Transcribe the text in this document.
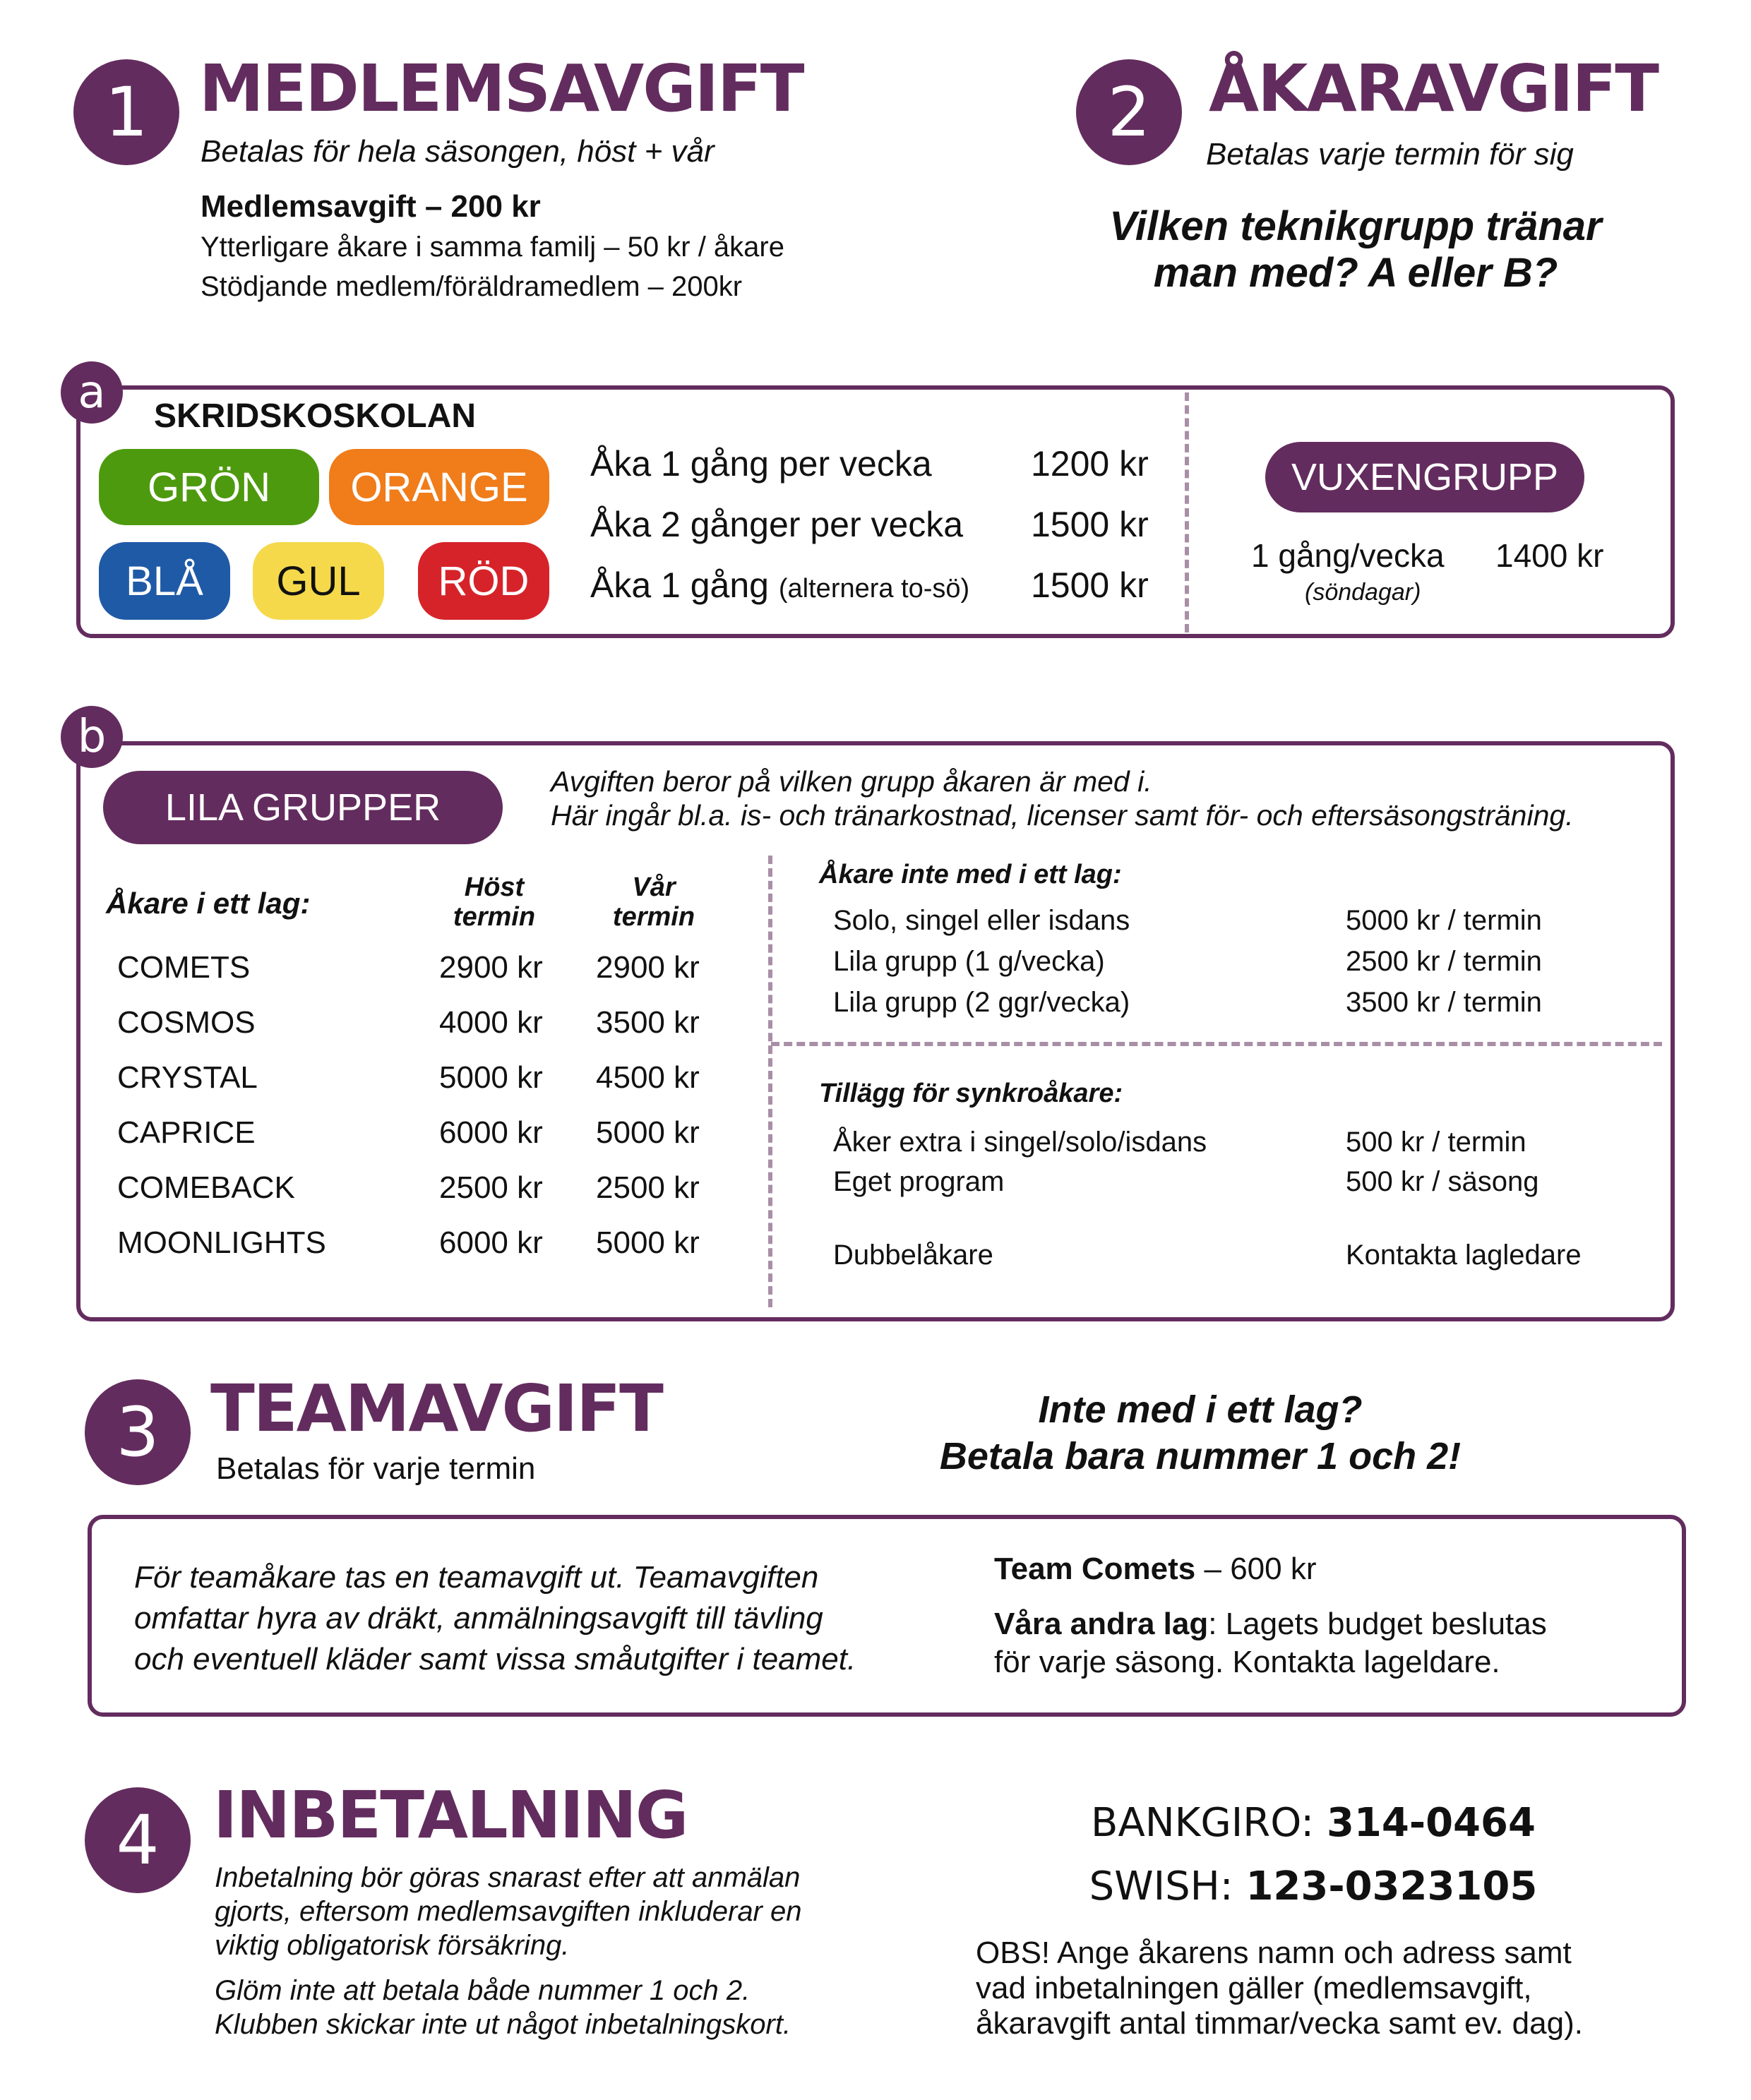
1 MEDLEMSAVGIFT
Betalas för hela säsongen, höst + vår
Medlemsavgift – 200 kr
Ytterligare åkare i samma familj – 50 kr / åkare
Stödjande medlem/föräldramedlem – 200kr
2 ÅKARAVGIFT
Betalas varje termin för sig
Vilken teknikgrupp tränar
man med? A eller B?
a	SKRIDSKOSKOLAN
GRÖN ORANGE
BLÅ GUL RÖD
Åka 1 gång per vecka	1200 kr
Åka 2 gånger per vecka 1500 kr
Åka 1 gång (alternera to-sö) 1500 kr
VUXENGRUPP
1 gång/vecka 1400 kr
(söndagar)
b
LILA GRUPPER
Avgiften beror på vilken grupp åkaren är med i.
Här ingår bl.a. is- och tränarkostnad, licenser samt för- och eftersäsongsträning.
Åkare i ett lag:	Höst
termin
Vår
termin
COMETS	2900 kr 2900 kr
COSMOS	4000 kr 3500 kr
CRYSTAL	5000 kr 4500 kr
CAPRICE	6000 kr 5000 kr
COMEBACK	2500 kr 2500 kr
MOONLIGHTS	6000 kr 5000 kr
Åkare inte med i ett lag:
Solo, singel eller isdans	5000 kr / termin
Lila grupp (1 g/vecka)	2500 kr / termin
Lila grupp (2 ggr/vecka)	3500 kr / termin
Tillägg för synkroåkare:
Åker extra i singel/solo/isdans	500 kr / termin
Eget program	500 kr / säsong
Dubbelåkare	Kontakta lagledare
3 TEAMAVGIFT
Betalas för varje termin
Inte med i ett lag?
Betala bara nummer 1 och 2!
För teamåkare tas en teamavgift ut. Teamavgiften
omfattar hyra av dräkt, anmälningsavgift till tävling
och eventuell kläder samt vissa småutgifter i teamet.
Team Comets – 600 kr
Våra andra lag: Lagets budget beslutas
för varje säsong. Kontakta lageldare.
4 INBETALNING
Inbetalning bör göras snarast efter att anmälan
gjorts, eftersom medlemsavgiften inkluderar en
viktig obligatorisk försäkring.
Glöm inte att betala både nummer 1 och 2.
Klubben skickar inte ut något inbetalningskort.
BANKGIRO: 314-0464
SWISH: 123-0323105
OBS! Ange åkarens namn och adress samt
vad inbetalningen gäller (medlemsavgift,
åkaravgift antal timmar/vecka samt ev. dag).
